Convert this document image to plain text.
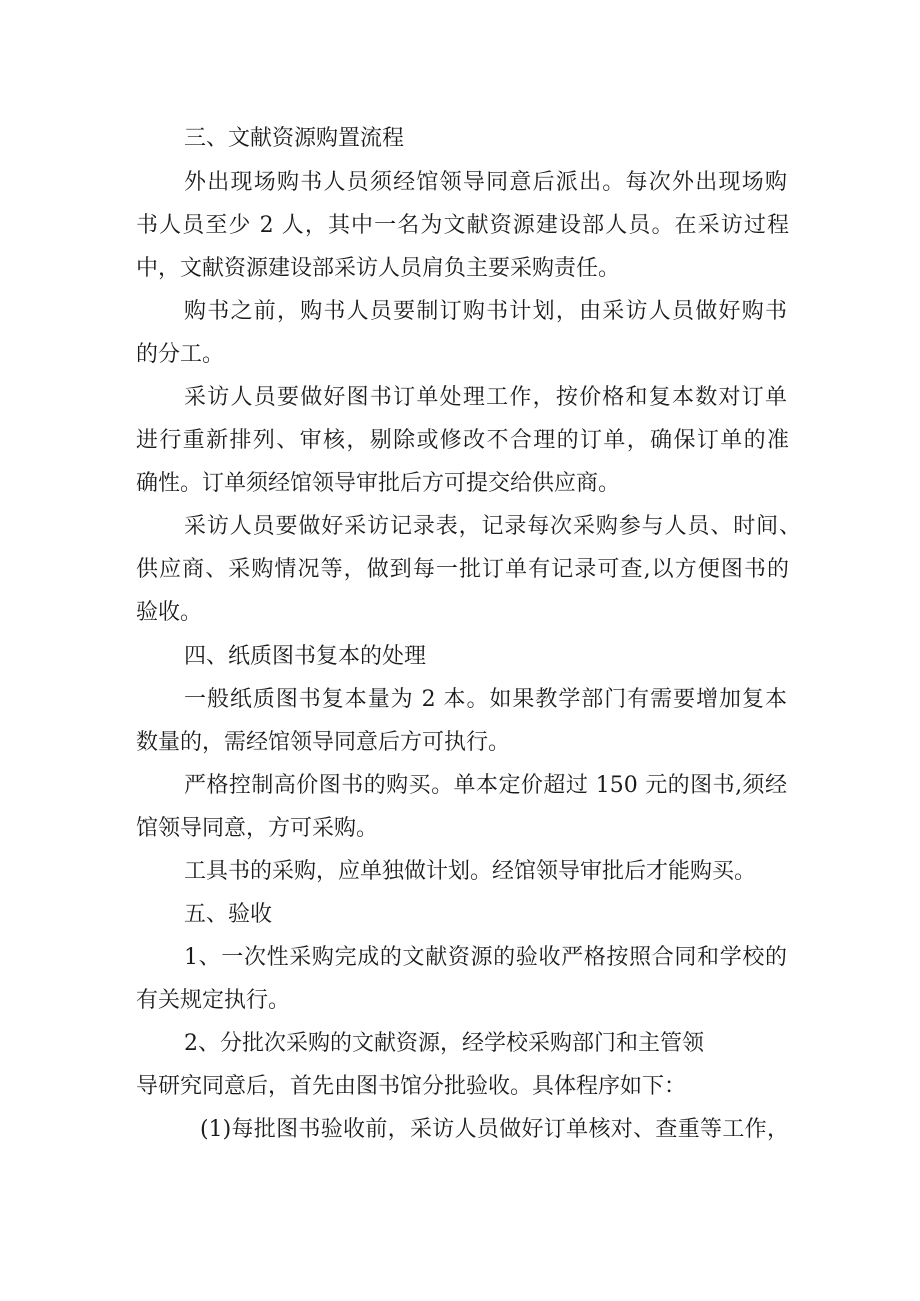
三、文献资源购置流程
外出现场购书人员须经馆领导同意后派出。每次外出现场购
书人员至少 2 人，其中一名为文献资源建设部人员。在采访过程
中，文献资源建设部采访人员肩负主要采购责任。
购书之前，购书人员要制订购书计划，由采访人员做好购书
的分工。
采访人员要做好图书订单处理工作，按价格和复本数对订单
进行重新排列、审核，剔除或修改不合理的订单，确保订单的准
确性。订单须经馆领导审批后方可提交给供应商。
采访人员要做好采访记录表，记录每次采购参与人员、时间、
供应商、采购情况等，做到每一批订单有记录可查,以方便图书的
验收。
四、纸质图书复本的处理
一般纸质图书复本量为 2 本。如果教学部门有需要增加复本
数量的，需经馆领导同意后方可执行。
严格控制高价图书的购买。单本定价超过 150 元的图书,须经
馆领导同意，方可采购。
工具书的采购，应单独做计划。经馆领导审批后才能购买。
五、验收
1、一次性采购完成的文献资源的验收严格按照合同和学校的
有关规定执行。
2、分批次采购的文献资源，经学校采购部门和主管领
导研究同意后，首先由图书馆分批验收。具体程序如下：
(1)每批图书验收前，采访人员做好订单核对、查重等工作，
